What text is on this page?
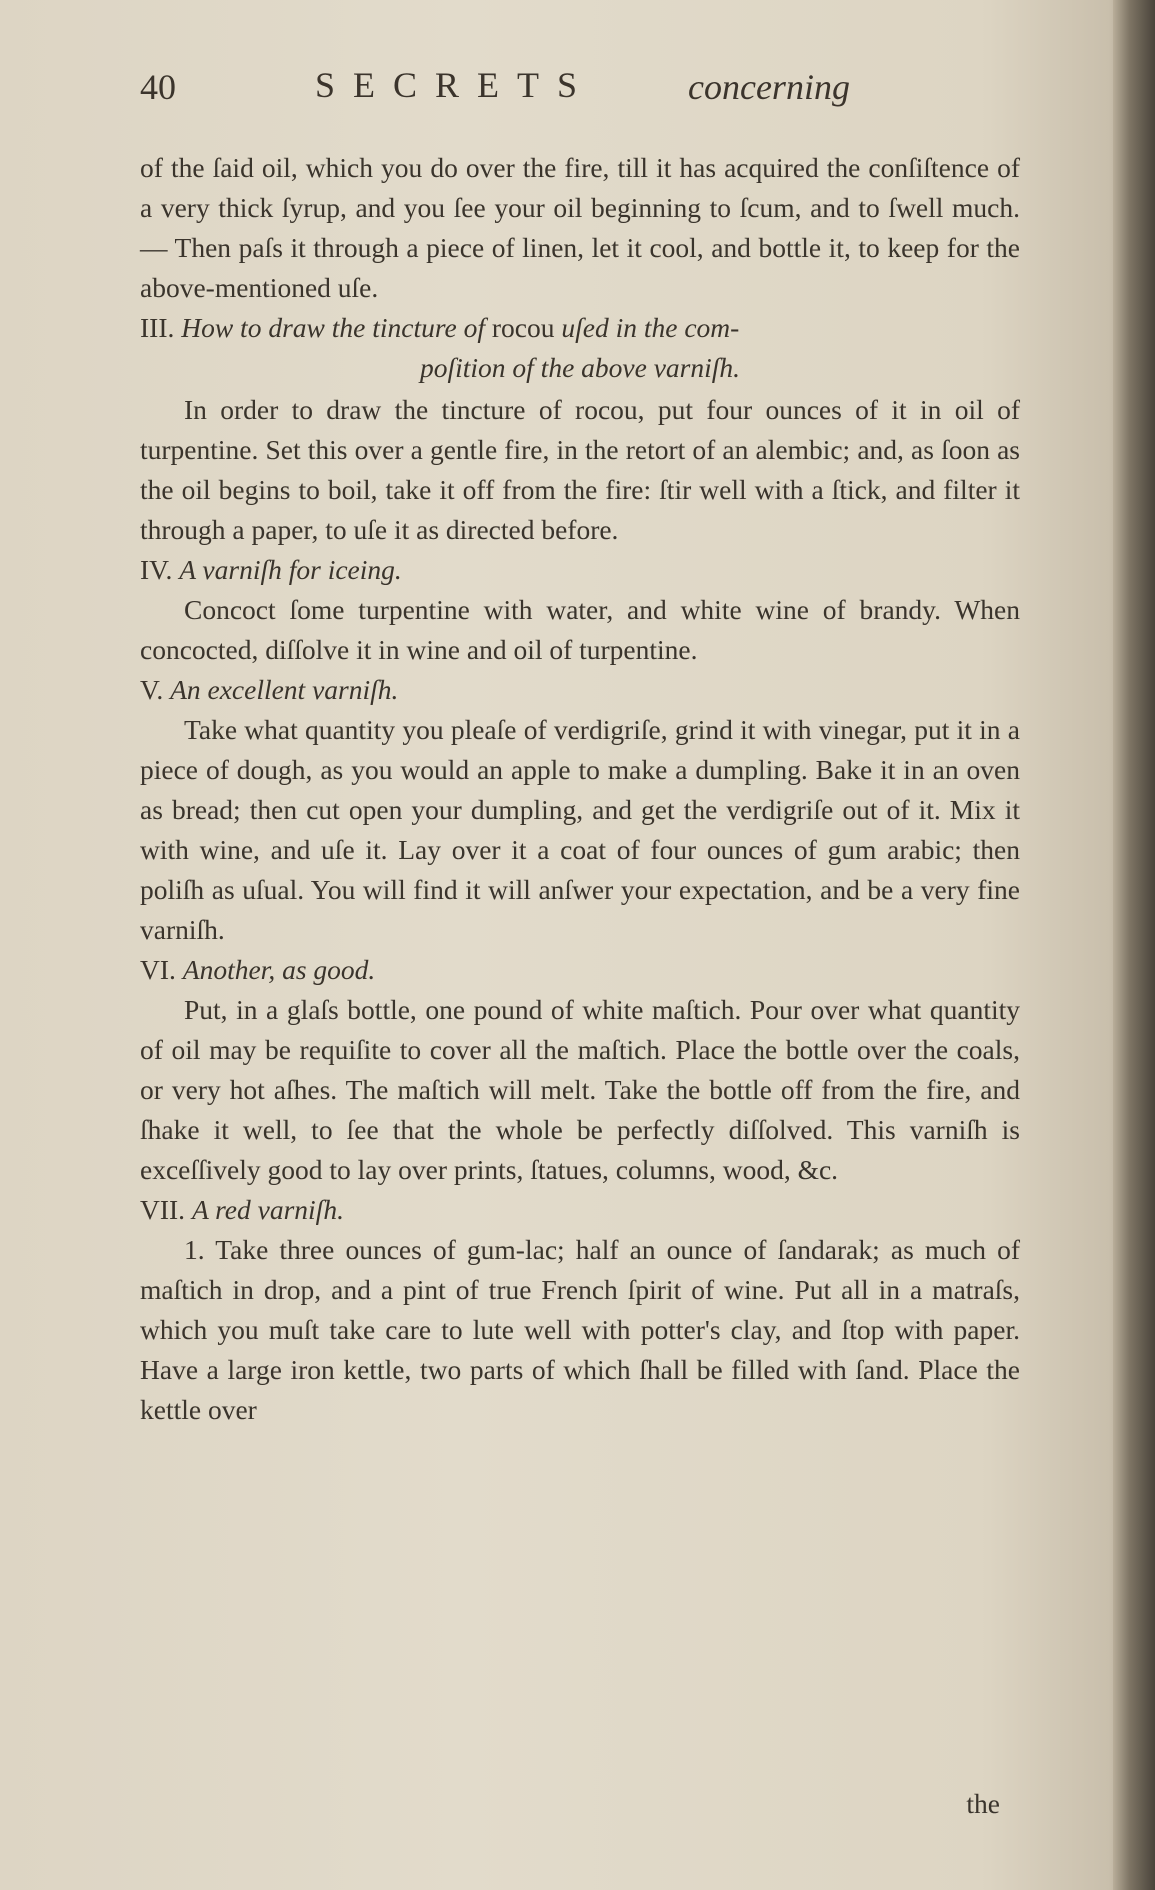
40	SECRETS	concerning

of the ſaid oil, which you do over the fire, till it has acquired the conſiſtence of a very thick ſyrup, and you ſee your oil beginning to ſcum, and to ſwell much.— Then paſs it through a piece of linen, let it cool, and bottle it, to keep for the above-mentioned uſe.

III. How to draw the tincture of rocou uſed in the com-

poſition of the above varniſh.

In order to draw the tincture of rocou, put four ounces of it in oil of turpentine. Set this over a gentle fire, in the retort of an alembic; and, as ſoon as the oil begins to boil, take it off from the fire: ſtir well with a ſtick, and filter it through a paper, to uſe it as directed before.

IV. A varniſh for iceing.

Concoct ſome turpentine with water, and white wine of brandy. When concocted, diſſolve it in wine and oil of turpentine.

V. An excellent varniſh.

Take what quantity you pleaſe of verdigriſe, grind it with vinegar, put it in a piece of dough, as you would an apple to make a dumpling. Bake it in an oven as bread; then cut open your dumpling, and get the verdigriſe out of it. Mix it with wine, and uſe it. Lay over it a coat of four ounces of gum arabic; then poliſh as uſual. You will find it will anſwer your expectation, and be a very fine varniſh.

VI. Another, as good.

Put, in a glaſs bottle, one pound of white maſtich. Pour over what quantity of oil may be requiſite to cover all the maſtich. Place the bottle over the coals, or very hot aſhes. The maſtich will melt. Take the bottle off from the fire, and ſhake it well, to ſee that the whole be perfectly diſſolved. This varniſh is exceſſively good to lay over prints, ſtatues, columns, wood, &c.

VII. A red varniſh.

1. Take three ounces of gum-lac; half an ounce of ſandarak; as much of maſtich in drop, and a pint of true French ſpirit of wine. Put all in a matraſs, which you muſt take care to lute well with potter's clay, and ſtop with paper. Have a large iron kettle, two parts of which ſhall be filled with ſand. Place the kettle over

the
